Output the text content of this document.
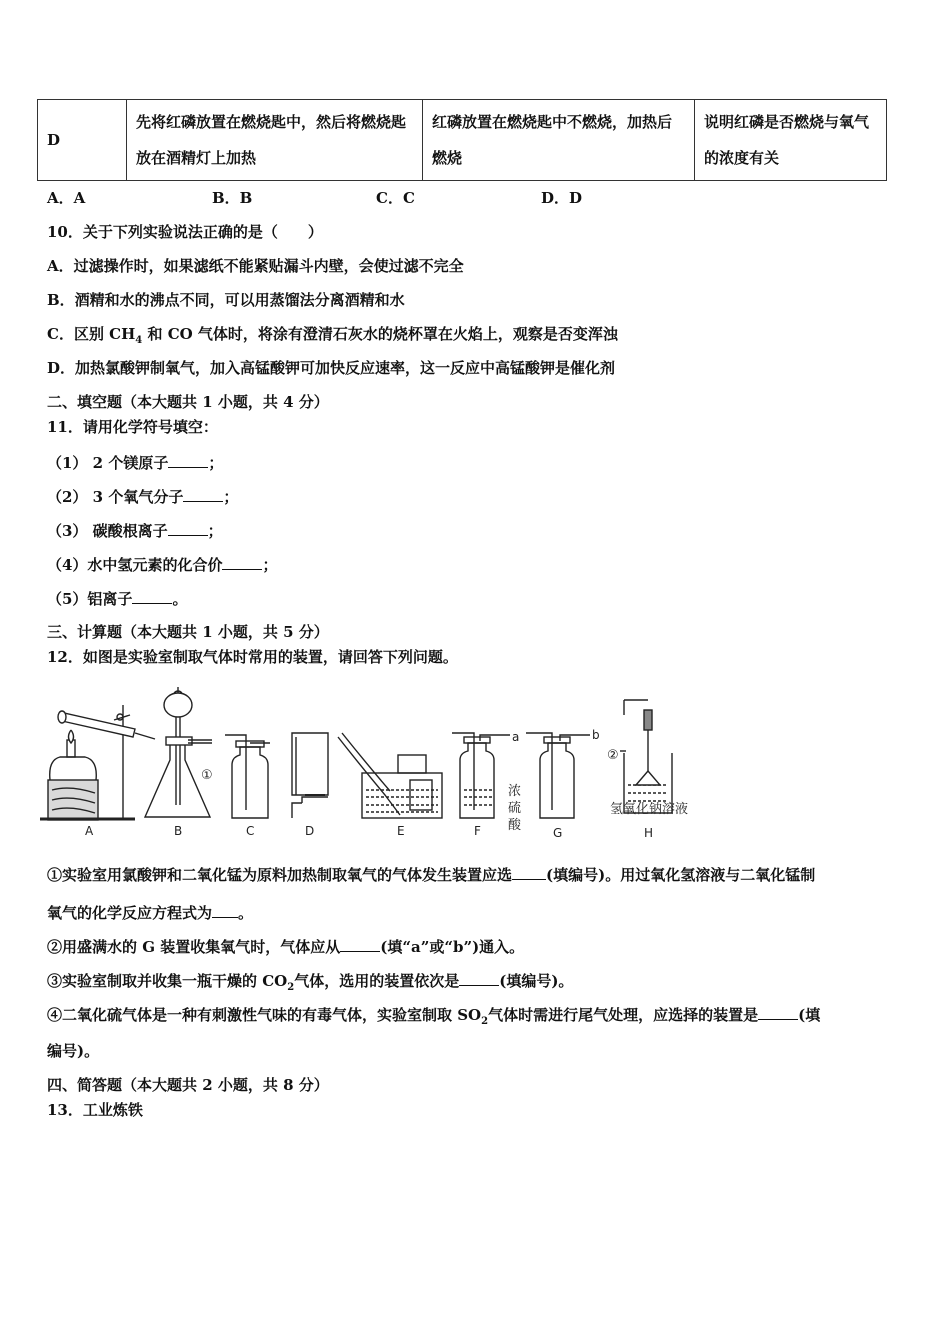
D	先将红磷放置在燃烧匙中，然后将燃烧匙放在酒精灯上加热	红磷放置在燃烧匙中不燃烧，加热后燃烧	说明红磷是否燃烧与氧气的浓度有关
A．A	B．B	C．C	D．D
10．关于下列实验说法正确的是（　　）
A．过滤操作时，如果滤纸不能紧贴漏斗内壁，会使过滤不完全
B．酒精和水的沸点不同，可以用蒸馏法分离酒精和水
C．区别 $CH_4$ 和 CO 气体时，将涂有澄清石灰水的烧杯罩在火焰上，观察是否变浑浊
D．加热氯酸钾制氧气，加入高锰酸钾可加快反应速率，这一反应中高锰酸钾是催化剂
二、填空题（本大题共 1 小题，共 4 分）
11．请用化学符号填空：
（1） 2 个镁原子	；
（2） 3 个氧气分子	；
（3） 碳酸根离子	；
（4）水中氢元素的化合价	；
（5）铝离子	。
三、计算题（本大题共 1 小题，共 5 分）
12．如图是实验室制取气体时常用的装置，请回答下列问题。
A	B	C	D	E	F	G	H
①
②
a	b
浓
硫
酸
氢氧化钠溶液
①实验室用氯酸钾和二氧化锰为原料加热制取氧气的气体发生装置应选 (填编号)。用过氧化氢溶液与二氧化锰制
氧气的化学反应方程式为 。
②用盛满水的 G 装置收集氧气时，气体应从	(填“a”或“b”)通入。
③实验室制取并收集一瓶干燥的 $CO_2$气体，选用的装置依次是	(填编号)。
④二氧化硫气体是一种有刺激性气味的有毒气体，实验室制取 $SO_2$气体时需进行尾气处理，应选择的装置是	(填
编号)。
四、简答题（本大题共 2 小题，共 8 分）
13．工业炼铁
